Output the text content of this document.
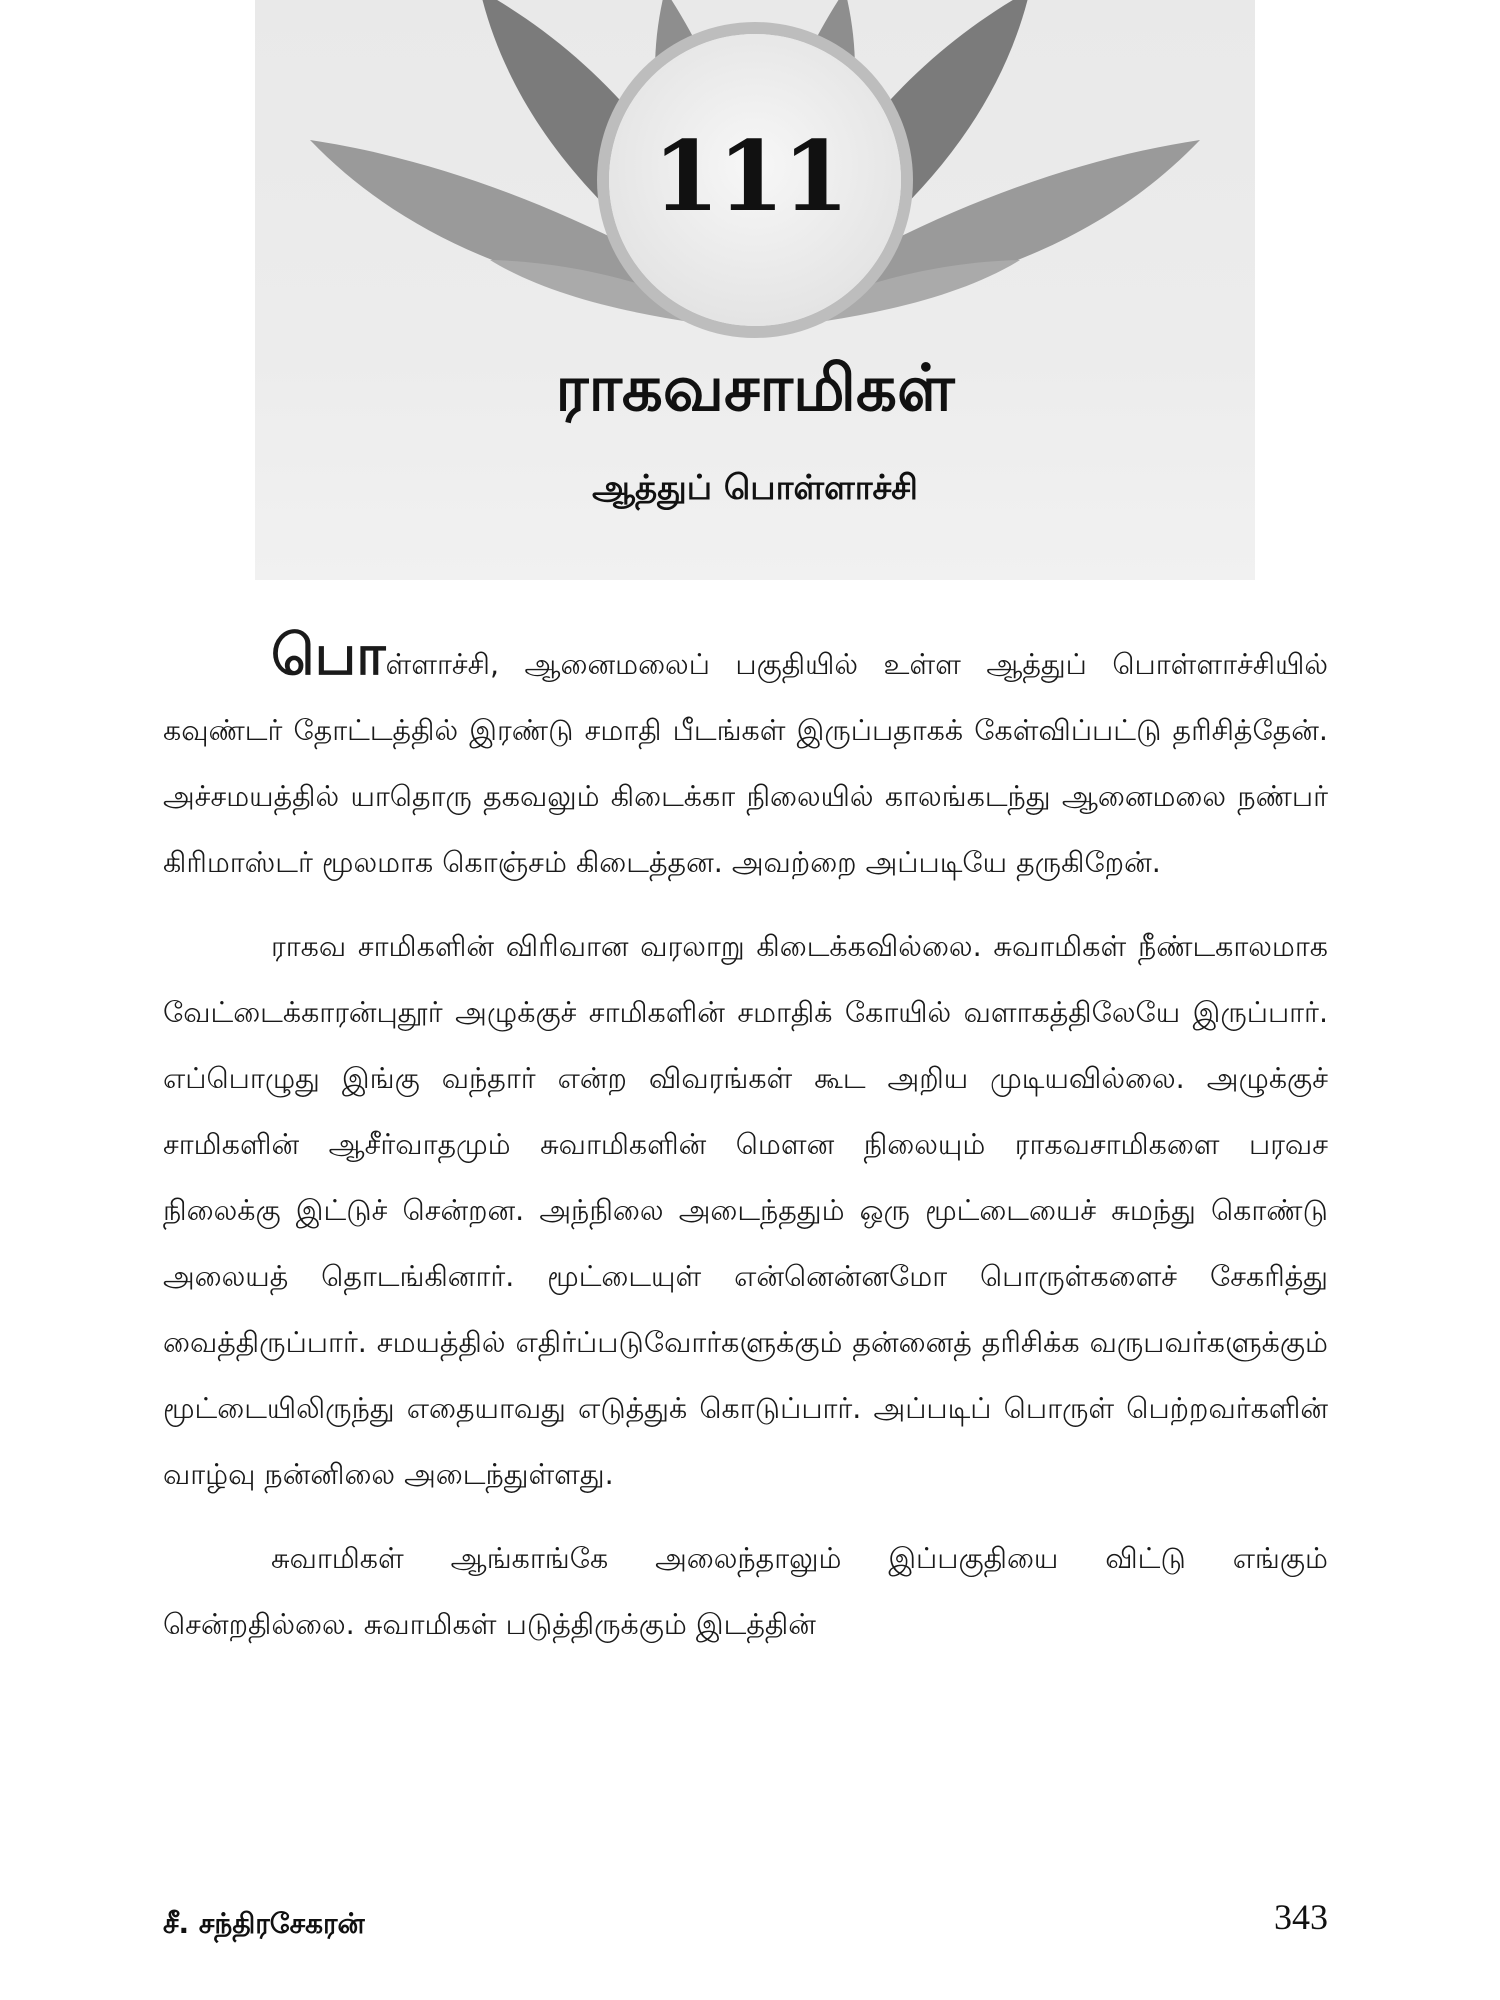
111
ராகவசாமிகள்
ஆத்துப் பொள்ளாச்சி

பொள்ளாச்சி, ஆனைமலைப் பகுதியில் உள்ள ஆத்துப் பொள்ளாச்சியில் கவுண்டர் தோட்டத்தில் இரண்டு சமாதி பீடங்கள் இருப்பதாகக் கேள்விப்பட்டு தரிசித்தேன். அச்சமயத்தில் யாதொரு தகவலும் கிடைக்கா நிலையில் காலங்கடந்து ஆனைமலை நண்பர் கிரிமாஸ்டர் மூலமாக கொஞ்சம் கிடைத்தன. அவற்றை அப்படியே தருகிறேன்.

ராகவ சாமிகளின் விரிவான வரலாறு கிடைக்கவில்லை. சுவாமிகள் நீண்டகாலமாக வேட்டைக்காரன்புதூர் அழுக்குச் சாமிகளின் சமாதிக் கோயில் வளாகத்திலேயே இருப்பார். எப்பொழுது இங்கு வந்தார் என்ற விவரங்கள் கூட அறிய முடியவில்லை. அழுக்குச் சாமிகளின் ஆசீர்வாதமும் சுவாமிகளின் மௌன நிலையும் ராகவசாமிகளை பரவச நிலைக்கு இட்டுச் சென்றன. அந்நிலை அடைந்ததும் ஒரு மூட்டையைச் சுமந்து கொண்டு அலையத் தொடங்கினார். மூட்டையுள் என்னென்னமோ பொருள்களைச் சேகரித்து வைத்திருப்பார். சமயத்தில் எதிர்ப்படுவோர்களுக்கும் தன்னைத் தரிசிக்க வருபவர்களுக்கும் மூட்டையிலிருந்து எதையாவது எடுத்துக் கொடுப்பார். அப்படிப் பொருள் பெற்றவர்களின் வாழ்வு நன்னிலை அடைந்துள்ளது.

சுவாமிகள் ஆங்காங்கே அலைந்தாலும் இப்பகுதியை விட்டு எங்கும் சென்றதில்லை. சுவாமிகள் படுத்திருக்கும் இடத்தின்

சீ. சந்திரசேகரன்	343
